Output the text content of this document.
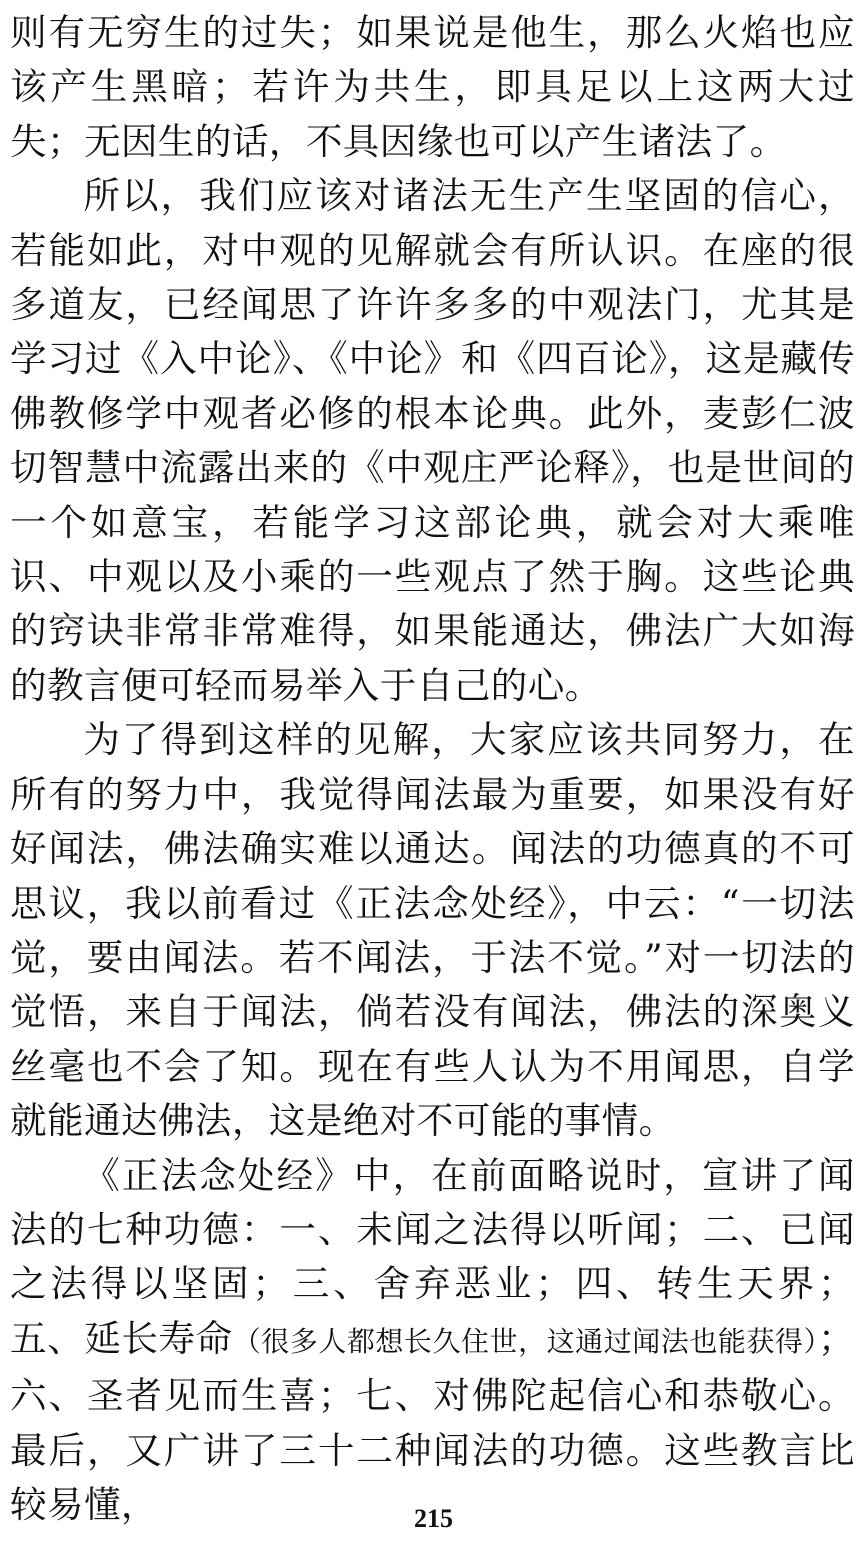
则有无穷生的过失；如果说是他生，那么火焰也应该产生黑暗；若许为共生，即具足以上这两大过失；无因生的话，不具因缘也可以产生诸法了。

所以，我们应该对诸法无生产生坚固的信心，若能如此，对中观的见解就会有所认识。在座的很多道友，已经闻思了许许多多的中观法门，尤其是学习过《入中论》、《中论》和《四百论》，这是藏传佛教修学中观者必修的根本论典。此外，麦彭仁波切智慧中流露出来的《中观庄严论释》，也是世间的一个如意宝，若能学习这部论典，就会对大乘唯识、中观以及小乘的一些观点了然于胸。这些论典的窍诀非常非常难得，如果能通达，佛法广大如海的教言便可轻而易举入于自己的心。

为了得到这样的见解，大家应该共同努力，在所有的努力中，我觉得闻法最为重要，如果没有好好闻法，佛法确实难以通达。闻法的功德真的不可思议，我以前看过《正法念处经》，中云：“一切法觉，要由闻法。若不闻法，于法不觉。”对一切法的觉悟，来自于闻法，倘若没有闻法，佛法的深奥义丝毫也不会了知。现在有些人认为不用闻思，自学就能通达佛法，这是绝对不可能的事情。

《正法念处经》中，在前面略说时，宣讲了闻法的七种功德：一、未闻之法得以听闻；二、已闻之法得以坚固；三、舍弃恶业；四、转生天界；五、延长寿命（很多人都想长久住世，这通过闻法也能获得）；六、圣者见而生喜；七、对佛陀起信心和恭敬心。最后，又广讲了三十二种闻法的功德。这些教言比较易懂，	215
